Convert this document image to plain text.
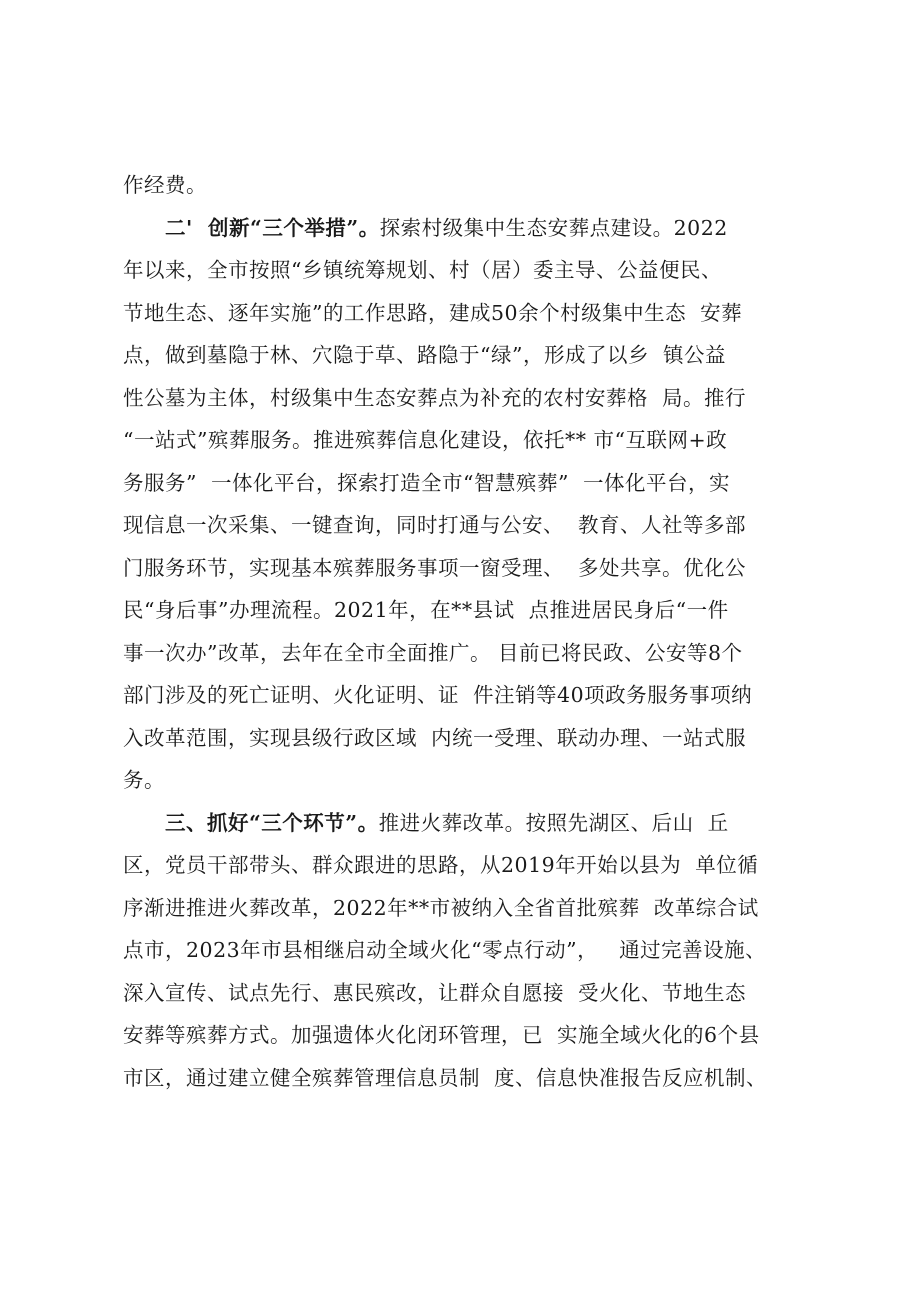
作经费。
二'  创新“三个举措”。探索村级集中生态安葬点建设。2022
年以来，全市按照“乡镇统筹规划、村（居）委主导、公益便民、
节地生态、逐年实施”的工作思路，建成50余个村级集中生态  安葬
点，做到墓隐于林、穴隐于草、路隐于“绿”，形成了以乡  镇公益
性公墓为主体，村级集中生态安葬点为补充的农村安葬格  局。推行
“一站式”殡葬服务。推进殡葬信息化建设，依托** 市“互联网+政
务服务”  一体化平台，探索打造全市“智慧殡葬”  一体化平台，实
现信息一次采集、一键查询，同时打通与公安、  教育、人社等多部
门服务环节，实现基本殡葬服务事项一窗受理、  多处共享。优化公
民“身后事”办理流程。2021年，在**县试  点推进居民身后“一件
事一次办”改革，去年在全市全面推广。 目前已将民政、公安等8个
部门涉及的死亡证明、火化证明、证  件注销等40项政务服务事项纳
入改革范围，实现县级行政区域  内统一受理、联动办理、一站式服
务。
三、抓好“三个环节”。推进火葬改革。按照先湖区、后山  丘
区，党员干部带头、群众跟进的思路，从2019年开始以县为  单位循
序渐进推进火葬改革，2022年**市被纳入全省首批殡葬  改革综合试
点市，2023年市县相继启动全域火化“零点行动”，   通过完善设施、
深入宣传、试点先行、惠民殡改，让群众自愿接  受火化、节地生态
安葬等殡葬方式。加强遗体火化闭环管理，已  实施全域火化的6个县
市区，通过建立健全殡葬管理信息员制  度、信息快准报告反应机制、
